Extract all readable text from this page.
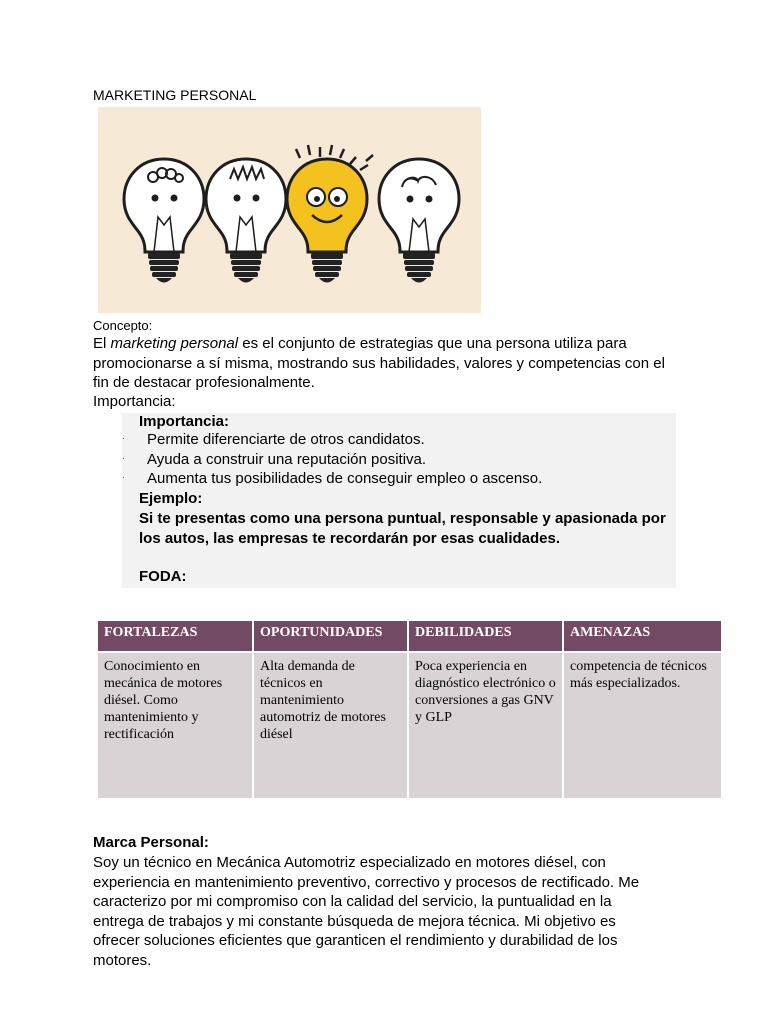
MARKETING PERSONAL
Concepto:
El marketing personal es el conjunto de estrategias que una persona utiliza para promocionarse a sí misma, mostrando sus habilidades, valores y competencias con el fin de destacar profesionalmente.
Importancia:
Importancia:
. Permite diferenciarte de otros candidatos.
. Ayuda a construir una reputación positiva.
. Aumenta tus posibilidades de conseguir empleo o ascenso.
Ejemplo:
Si te presentas como una persona puntual, responsable y apasionada por los autos, las empresas te recordarán por esas cualidades.
FODA:
FORTALEZAS	OPORTUNIDADES	DEBILIDADES	AMENAZAS
Conocimiento en mecánica de motores diésel. Como mantenimiento y rectificación	Alta demanda de técnicos en mantenimiento automotriz de motores diésel	Poca experiencia en diagnóstico electrónico o conversiones a gas GNV y GLP	competencia de técnicos más especializados.
Marca Personal:
Soy un técnico en Mecánica Automotriz especializado en motores diésel, con experiencia en mantenimiento preventivo, correctivo y procesos de rectificado. Me caracterizo por mi compromiso con la calidad del servicio, la puntualidad en la entrega de trabajos y mi constante búsqueda de mejora técnica. Mi objetivo es ofrecer soluciones eficientes que garanticen el rendimiento y durabilidad de los motores.
